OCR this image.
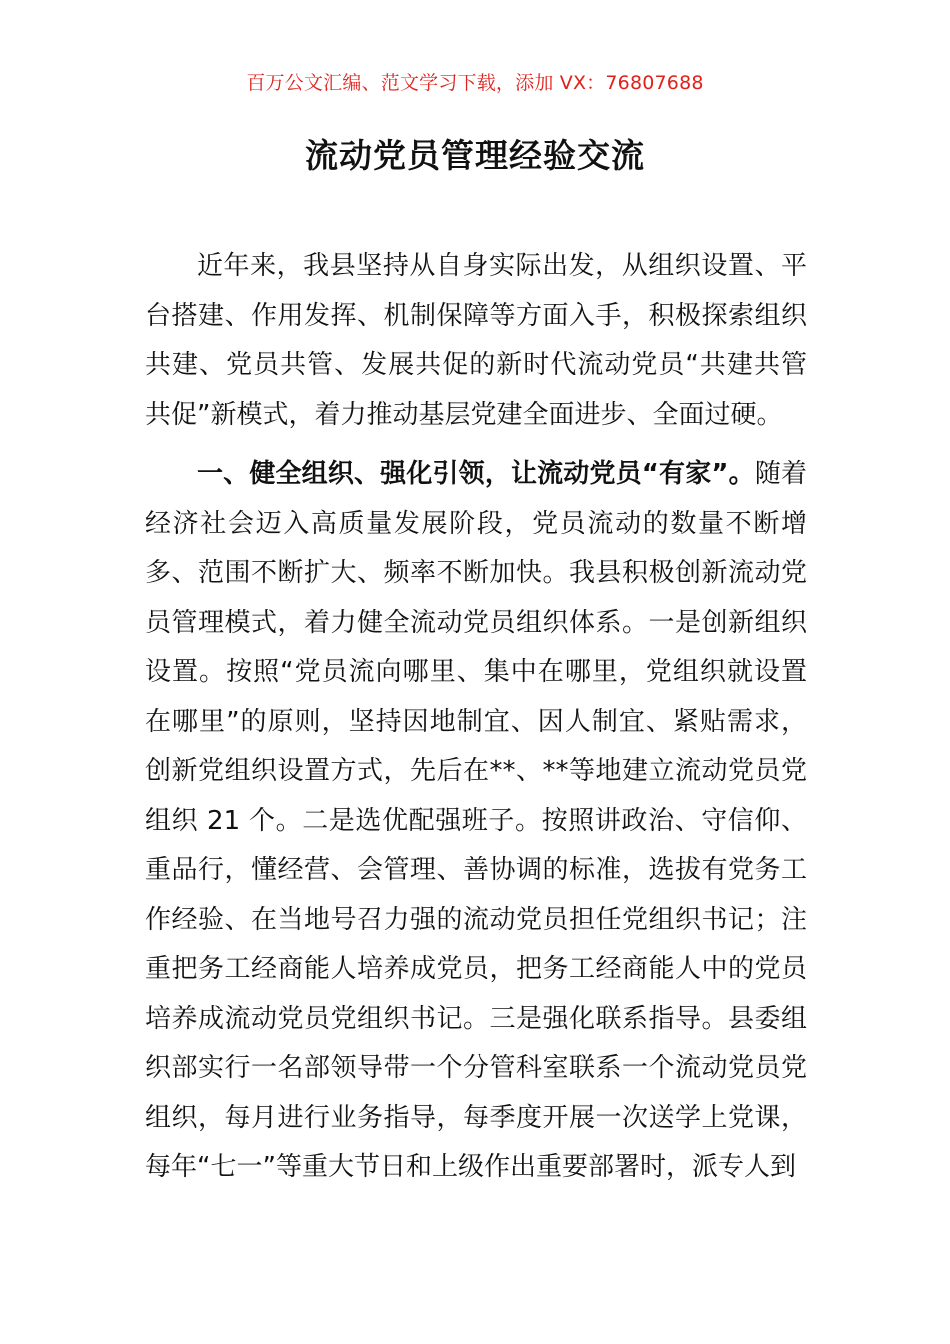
百万公文汇编、范文学习下载，添加 VX：76807688
流动党员管理经验交流

近年来，我县坚持从自身实际出发，从组织设置、平台搭建、作用发挥、机制保障等方面入手，积极探索组织共建、党员共管、发展共促的新时代流动党员“共建共管共促”新模式，着力推动基层党建全面进步、全面过硬。

一、健全组织、强化引领，让流动党员“有家”。随着经济社会迈入高质量发展阶段，党员流动的数量不断增多、范围不断扩大、频率不断加快。我县积极创新流动党员管理模式，着力健全流动党员组织体系。一是创新组织设置。按照“党员流向哪里、集中在哪里，党组织就设置在哪里”的原则，坚持因地制宜、因人制宜、紧贴需求，创新党组织设置方式，先后在**、**等地建立流动党员党组织 21 个。二是选优配强班子。按照讲政治、守信仰、重品行，懂经营、会管理、善协调的标准，选拔有党务工作经验、在当地号召力强的流动党员担任党组织书记；注重把务工经商能人培养成党员，把务工经商能人中的党员培养成流动党员党组织书记。三是强化联系指导。县委组织部实行一名部领导带一个分管科室联系一个流动党员党组织，每月进行业务指导，每季度开展一次送学上党课，每年“七一”等重大节日和上级作出重要部署时，派专人到
